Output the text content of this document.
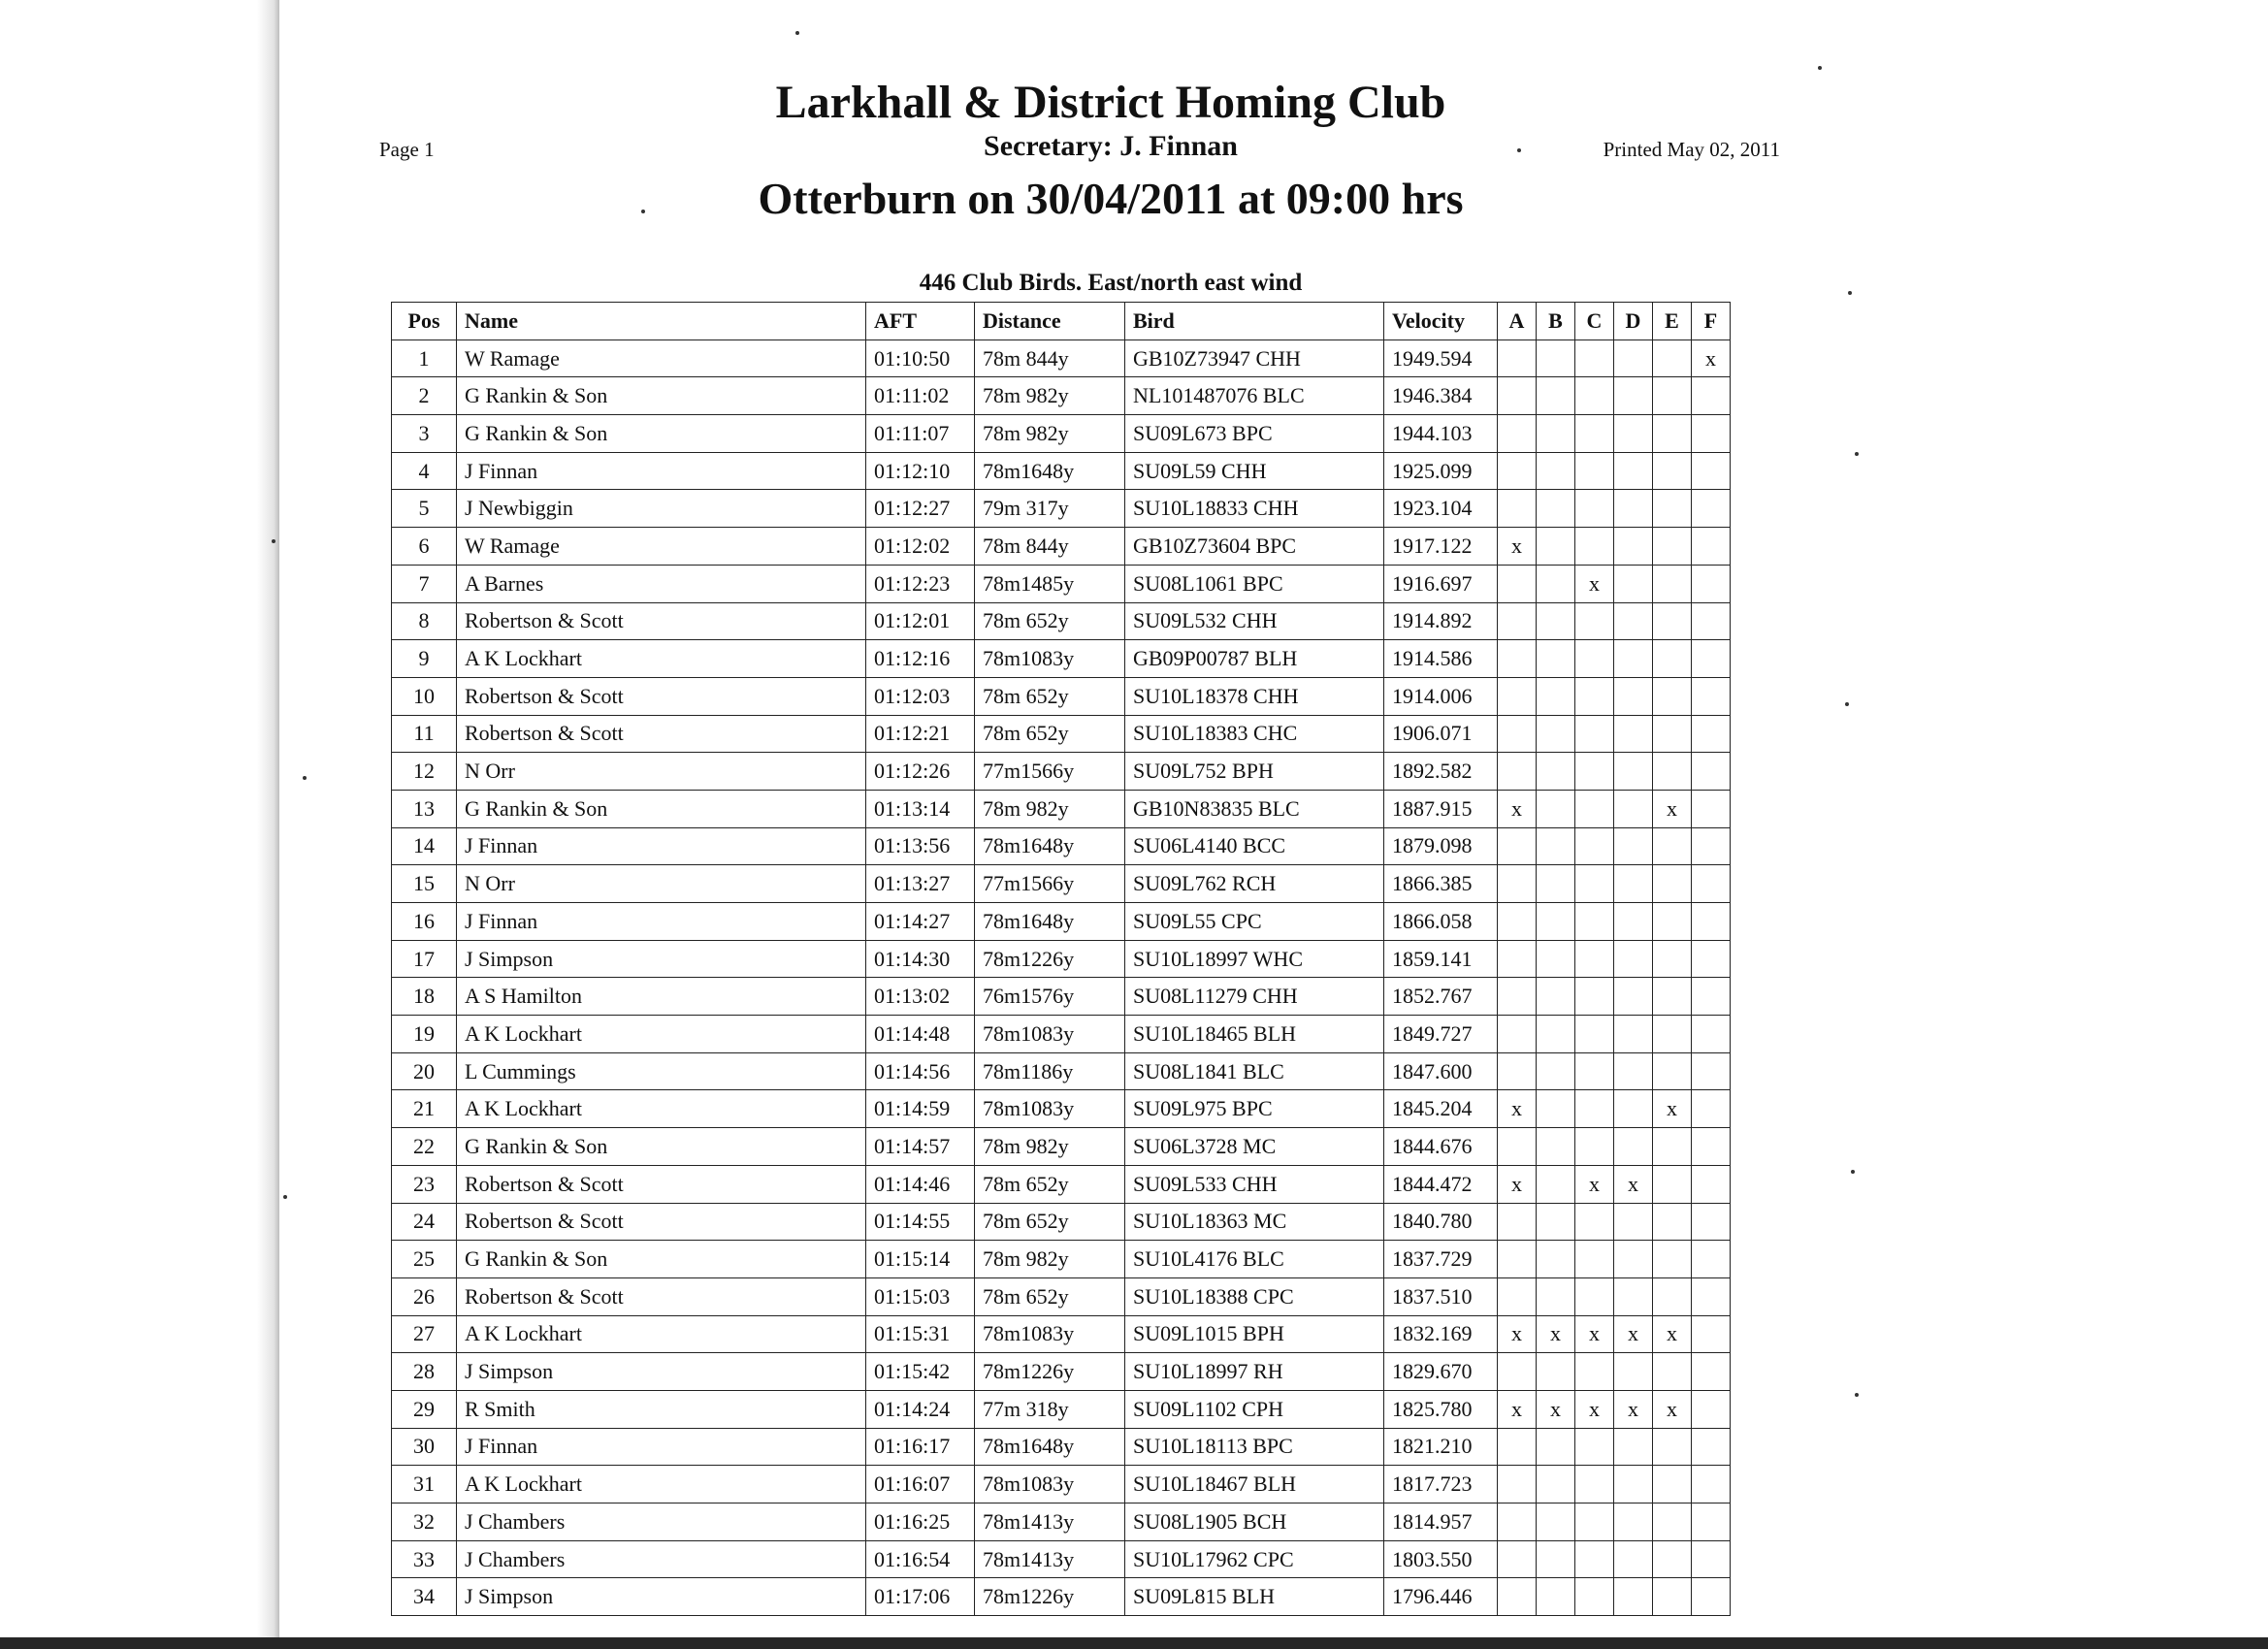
Page 1	Printed May 02, 2011
Larkhall & District Homing Club
Secretary: J. Finnan
Otterburn on 30/04/2011 at 09:00 hrs
446 Club Birds. East/north east wind
Pos	Name	AFT	Distance	Bird	Velocity	A	B	C	D	E	F
1	W Ramage	01:10:50	78m 844y	GB10Z73947 CHH	1949.594						x
2	G Rankin & Son	01:11:02	78m 982y	NL101487076 BLC	1946.384						
3	G Rankin & Son	01:11:07	78m 982y	SU09L673 BPC	1944.103						
4	J Finnan	01:12:10	78m1648y	SU09L59 CHH	1925.099						
5	J Newbiggin	01:12:27	79m 317y	SU10L18833 CHH	1923.104						
6	W Ramage	01:12:02	78m 844y	GB10Z73604 BPC	1917.122	x					
7	A Barnes	01:12:23	78m1485y	SU08L1061 BPC	1916.697			x			
8	Robertson & Scott	01:12:01	78m 652y	SU09L532 CHH	1914.892						
9	A K Lockhart	01:12:16	78m1083y	GB09P00787 BLH	1914.586						
10	Robertson & Scott	01:12:03	78m 652y	SU10L18378 CHH	1914.006						
11	Robertson & Scott	01:12:21	78m 652y	SU10L18383 CHC	1906.071						
12	N Orr	01:12:26	77m1566y	SU09L752 BPH	1892.582						
13	G Rankin & Son	01:13:14	78m 982y	GB10N83835 BLC	1887.915	x				x	
14	J Finnan	01:13:56	78m1648y	SU06L4140 BCC	1879.098						
15	N Orr	01:13:27	77m1566y	SU09L762 RCH	1866.385						
16	J Finnan	01:14:27	78m1648y	SU09L55 CPC	1866.058						
17	J Simpson	01:14:30	78m1226y	SU10L18997 WHC	1859.141						
18	A S Hamilton	01:13:02	76m1576y	SU08L11279 CHH	1852.767						
19	A K Lockhart	01:14:48	78m1083y	SU10L18465 BLH	1849.727						
20	L Cummings	01:14:56	78m1186y	SU08L1841 BLC	1847.600						
21	A K Lockhart	01:14:59	78m1083y	SU09L975 BPC	1845.204	x				x	
22	G Rankin & Son	01:14:57	78m 982y	SU06L3728 MC	1844.676						
23	Robertson & Scott	01:14:46	78m 652y	SU09L533 CHH	1844.472	x		x	x		
24	Robertson & Scott	01:14:55	78m 652y	SU10L18363 MC	1840.780						
25	G Rankin & Son	01:15:14	78m 982y	SU10L4176 BLC	1837.729						
26	Robertson & Scott	01:15:03	78m 652y	SU10L18388 CPC	1837.510						
27	A K Lockhart	01:15:31	78m1083y	SU09L1015 BPH	1832.169	x	x	x	x	x	
28	J Simpson	01:15:42	78m1226y	SU10L18997 RH	1829.670						
29	R Smith	01:14:24	77m 318y	SU09L1102 CPH	1825.780	x	x	x	x	x	
30	J Finnan	01:16:17	78m1648y	SU10L18113 BPC	1821.210						
31	A K Lockhart	01:16:07	78m1083y	SU10L18467 BLH	1817.723						
32	J Chambers	01:16:25	78m1413y	SU08L1905 BCH	1814.957						
33	J Chambers	01:16:54	78m1413y	SU10L17962 CPC	1803.550						
34	J Simpson	01:17:06	78m1226y	SU09L815 BLH	1796.446						
